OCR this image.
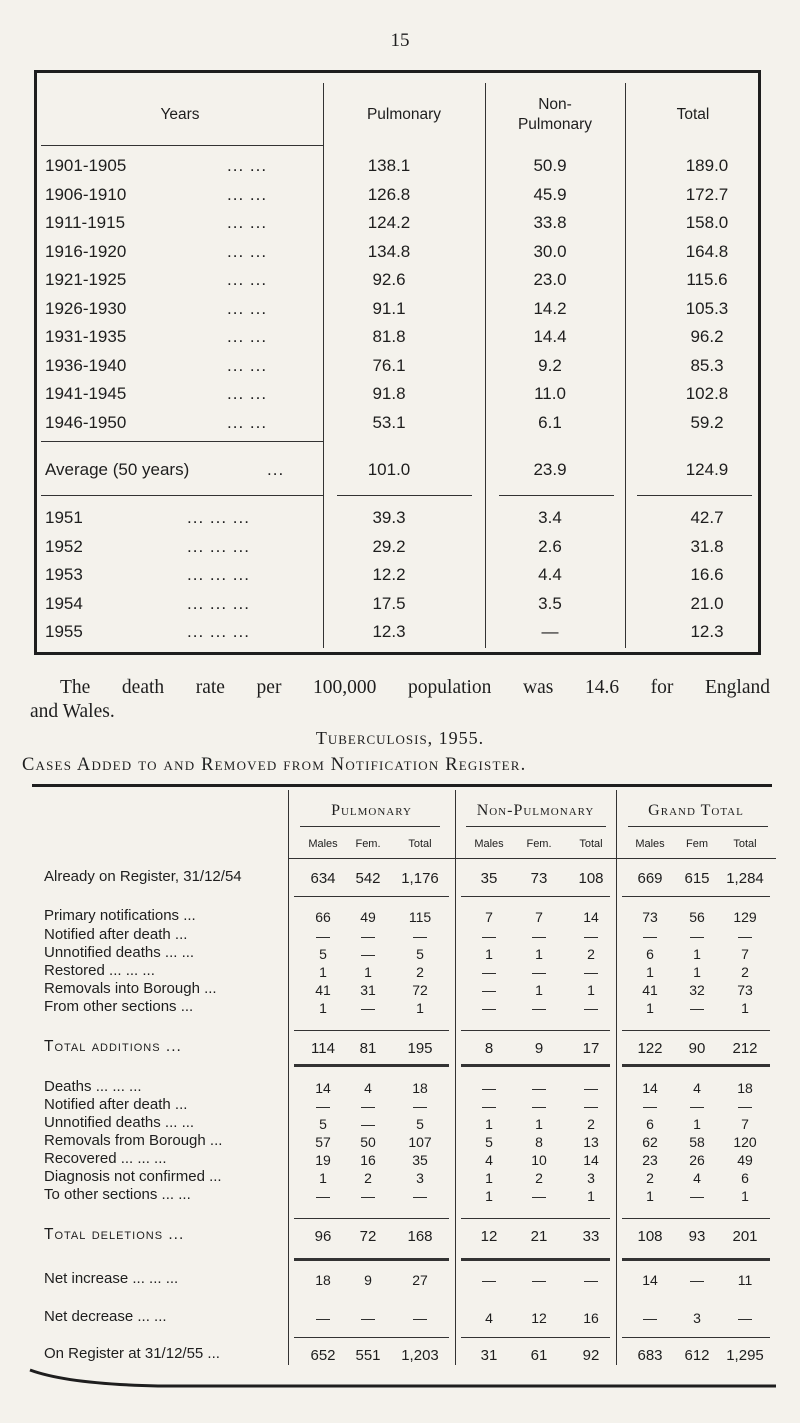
15
Years	Pulmonary
Non-
Pulmonary
Total
1901-1905	... ...	138.1	50.9	189.0
1906-1910	... ...	126.8	45.9	172.7
1911-1915	... ...	124.2	33.8	158.0
1916-1920	... ...	134.8	30.0	164.8
1921-1925	... ...	92.6	23.0	115.6
1926-1930	... ...	91.1	14.2	105.3
1931-1935	... ...	81.8	14.4	96.2
1936-1940	... ...	76.1	9.2	85.3
1941-1945	... ...	91.8	11.0	102.8
1946-1950	... ...	53.1	6.1	59.2
Average (50 years)	...	101.0	23.9	124.9
1951	... ... ...	39.3	3.4	42.7
1952	... ... ...	29.2	2.6	31.8
1953	... ... ...	12.2	4.4	16.6
1954	... ... ...	17.5	3.5	21.0
1955	... ... ...	12.3	—	12.3
The death rate per 100,000 population was 14.6 for England
and Wales.
Tuberculosis, 1955.
Cases Added to and Removed from Notification Register.
Pulmonary	Non-Pulmonary	Grand Total
Males	Fem.	Total	Males	Fem.	Total	Males	Fem	Total
Already on Register, 31/12/54	634	542	1,176	35	73	108	669	615	1,284
Primary notifications ...	66	49	115	7	7	14	73	56	129
Notified after death ...	—	—	—	—	—	—	—	—	—
Unnotified deaths ... ...	5	—	5	1	1	2	6	1	7
Restored ... ... ...	1	1	2	—	—	—	1	1	2
Removals into Borough ...	41	31	72	—	1	1	41	32	73
From other sections ...	1	—	1	—	—	—	1	—	1
Total additions ...	114	81	195	8	9	17	122	90	212
Deaths ... ... ...	14	4	18	—	—	—	14	4	18
Notified after death ...	—	—	—	—	—	—	—	—	—
Unnotified deaths ... ...	5	—	5	1	1	2	6	1	7
Removals from Borough ...	57	50	107	5	8	13	62	58	120
Recovered ... ... ...	19	16	35	4	10	14	23	26	49
Diagnosis not confirmed ...	1	2	3	1	2	3	2	4	6
To other sections ... ...	—	—	—	1	—	1	1	—	1
Total deletions ...	96	72	168	12	21	33	108	93	201
Net increase ... ... ...	18	9	27	—	—	—	14	—	11
Net decrease ... ...	—	—	—	4	12	16	—	3	—
On Register at 31/12/55 ...	652	551	1,203	31	61	92	683	612	1,295
